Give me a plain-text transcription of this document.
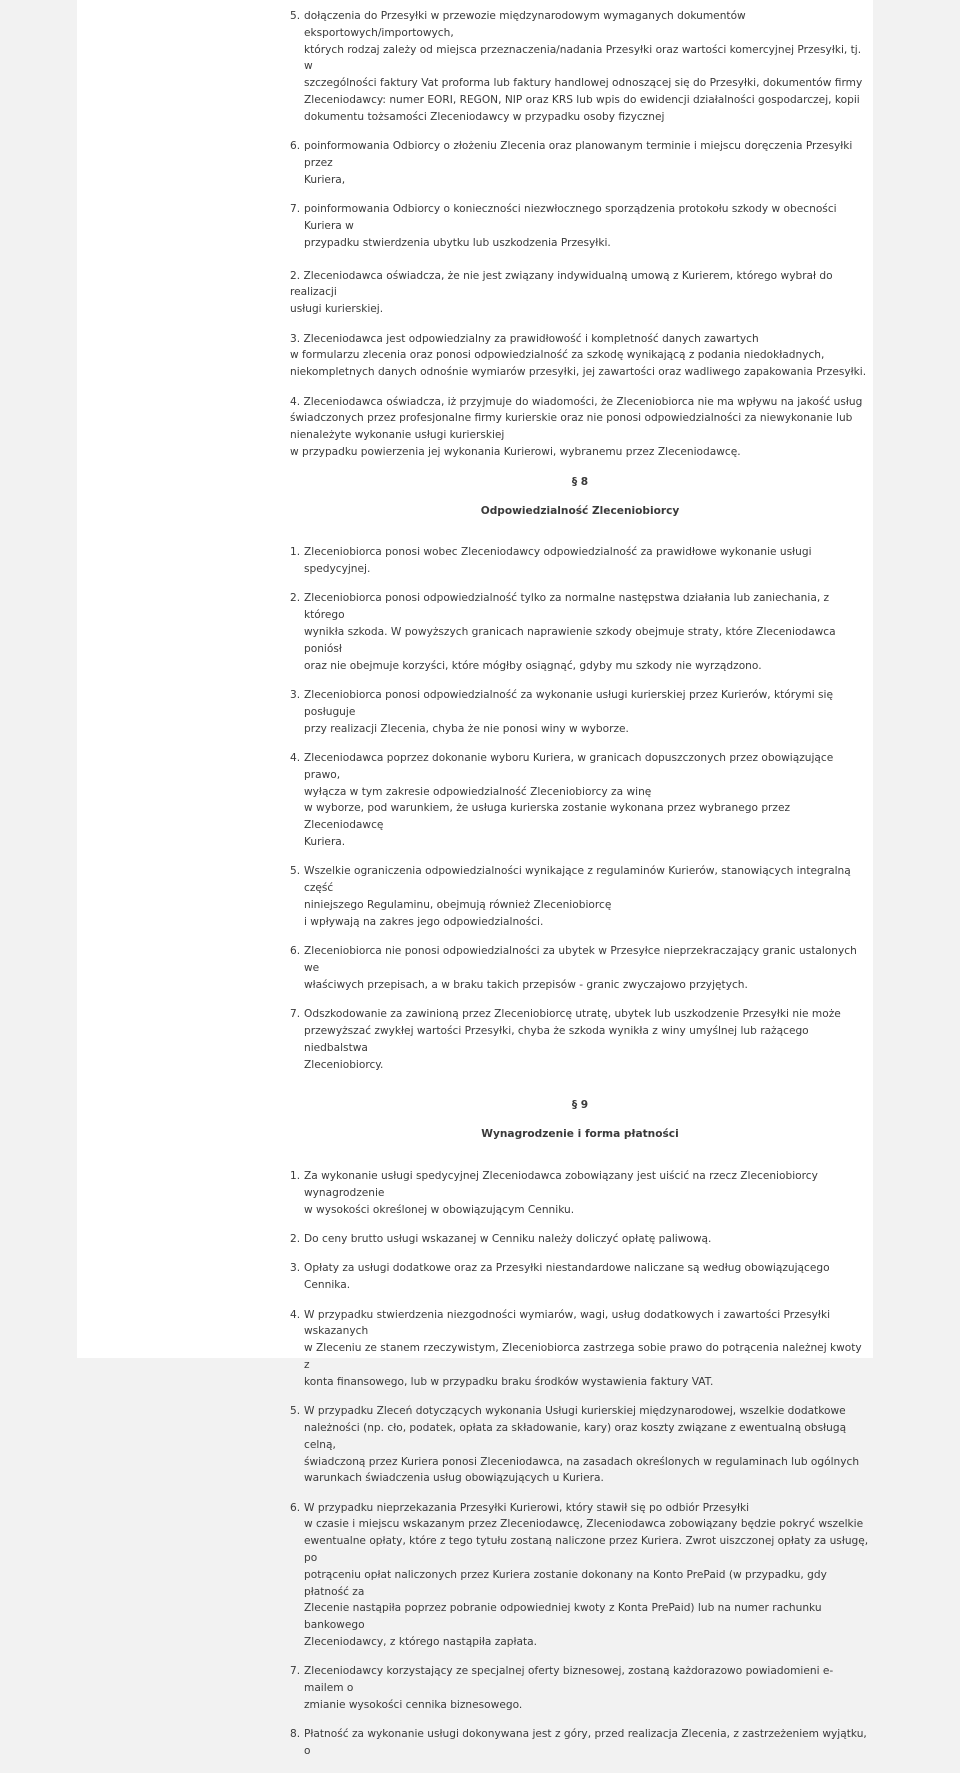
5. dołączenia do Przesyłki w przewozie międzynarodowym wymaganych dokumentów eksportowych/importowych,
których rodzaj zależy od miejsca przeznaczenia/nadania Przesyłki oraz wartości komercyjnej Przesyłki, tj. w
szczególności faktury Vat proforma lub faktury handlowej odnoszącej się do Przesyłki, dokumentów firmy
Zleceniodawcy: numer EORI, REGON, NIP oraz KRS lub wpis do ewidencji działalności gospodarczej, kopii
dokumentu tożsamości Zleceniodawcy w przypadku osoby fizycznej
6. poinformowania Odbiorcy o złożeniu Zlecenia oraz planowanym terminie i miejscu doręczenia Przesyłki przez
Kuriera,
7. poinformowania Odbiorcy o konieczności niezwłocznego sporządzenia protokołu szkody w obecności Kuriera w
przypadku stwierdzenia ubytku lub uszkodzenia Przesyłki.
2. Zleceniodawca oświadcza, że nie jest związany indywidualną umową z Kurierem, którego wybrał do realizacji
usługi kurierskiej.
3. Zleceniodawca jest odpowiedzialny za prawidłowość i kompletność danych zawartych
w formularzu zlecenia oraz ponosi odpowiedzialność za szkodę wynikającą z podania niedokładnych,
niekompletnych danych odnośnie wymiarów przesyłki, jej zawartości oraz wadliwego zapakowania Przesyłki.
4. Zleceniodawca oświadcza, iż przyjmuje do wiadomości, że Zleceniobiorca nie ma wpływu na jakość usług
świadczonych przez profesjonalne firmy kurierskie oraz nie ponosi odpowiedzialności za niewykonanie lub
nienależyte wykonanie usługi kurierskiej
w przypadku powierzenia jej wykonania Kurierowi, wybranemu przez Zleceniodawcę.

§ 8

Odpowiedzialność Zleceniobiorcy

1. Zleceniobiorca ponosi wobec Zleceniodawcy odpowiedzialność za prawidłowe wykonanie usługi spedycyjnej.
2. Zleceniobiorca ponosi odpowiedzialność tylko za normalne następstwa działania lub zaniechania, z którego
wynikła szkoda. W powyższych granicach naprawienie szkody obejmuje straty, które Zleceniodawca poniósł
oraz nie obejmuje korzyści, które mógłby osiągnąć, gdyby mu szkody nie wyrządzono.
3. Zleceniobiorca ponosi odpowiedzialność za wykonanie usługi kurierskiej przez Kurierów, którymi się posługuje
przy realizacji Zlecenia, chyba że nie ponosi winy w wyborze.
4. Zleceniodawca poprzez dokonanie wyboru Kuriera, w granicach dopuszczonych przez obowiązujące prawo,
wyłącza w tym zakresie odpowiedzialność Zleceniobiorcy za winę
w wyborze, pod warunkiem, że usługa kurierska zostanie wykonana przez wybranego przez Zleceniodawcę
Kuriera.
5. Wszelkie ograniczenia odpowiedzialności wynikające z regulaminów Kurierów, stanowiących integralną część
niniejszego Regulaminu, obejmują również Zleceniobiorcę
i wpływają na zakres jego odpowiedzialności.
6. Zleceniobiorca nie ponosi odpowiedzialności za ubytek w Przesyłce nieprzekraczający granic ustalonych we
właściwych przepisach, a w braku takich przepisów - granic zwyczajowo przyjętych.
7. Odszkodowanie za zawinioną przez Zleceniobiorcę utratę, ubytek lub uszkodzenie Przesyłki nie może
przewyższać zwykłej wartości Przesyłki, chyba że szkoda wynikła z winy umyślnej lub rażącego niedbalstwa
Zleceniobiorcy.

§ 9

Wynagrodzenie i forma płatności

1. Za wykonanie usługi spedycyjnej Zleceniodawca zobowiązany jest uiścić na rzecz Zleceniobiorcy wynagrodzenie
w wysokości określonej w obowiązującym Cenniku.
2. Do ceny brutto usługi wskazanej w Cenniku należy doliczyć opłatę paliwową.
3. Opłaty za usługi dodatkowe oraz za Przesyłki niestandardowe naliczane są według obowiązującego Cennika.
4. W przypadku stwierdzenia niezgodności wymiarów, wagi, usług dodatkowych i zawartości Przesyłki wskazanych
w Zleceniu ze stanem rzeczywistym, Zleceniobiorca zastrzega sobie prawo do potrącenia należnej kwoty z
konta finansowego, lub w przypadku braku środków wystawienia faktury VAT.
5. W przypadku Zleceń dotyczących wykonania Usługi kurierskiej międzynarodowej, wszelkie dodatkowe
należności (np. cło, podatek, opłata za składowanie, kary) oraz koszty związane z ewentualną obsługą celną,
świadczoną przez Kuriera ponosi Zleceniodawca, na zasadach określonych w regulaminach lub ogólnych
warunkach świadczenia usług obowiązujących u Kuriera.
6. W przypadku nieprzekazania Przesyłki Kurierowi, który stawił się po odbiór Przesyłki
w czasie i miejscu wskazanym przez Zleceniodawcę, Zleceniodawca zobowiązany będzie pokryć wszelkie
ewentualne opłaty, które z tego tytułu zostaną naliczone przez Kuriera. Zwrot uiszczonej opłaty za usługę, po
potrąceniu opłat naliczonych przez Kuriera zostanie dokonany na Konto PrePaid (w przypadku, gdy płatność za
Zlecenie nastąpiła poprzez pobranie odpowiedniej kwoty z Konta PrePaid) lub na numer rachunku bankowego
Zleceniodawcy, z którego nastąpiła zapłata.
7. Zleceniodawcy korzystający ze specjalnej oferty biznesowej, zostaną każdorazowo powiadomieni e-mailem o
zmianie wysokości cennika biznesowego.
8. Płatność za wykonanie usługi dokonywana jest z góry, przed realizacja Zlecenia, z zastrzeżeniem wyjątku, o
